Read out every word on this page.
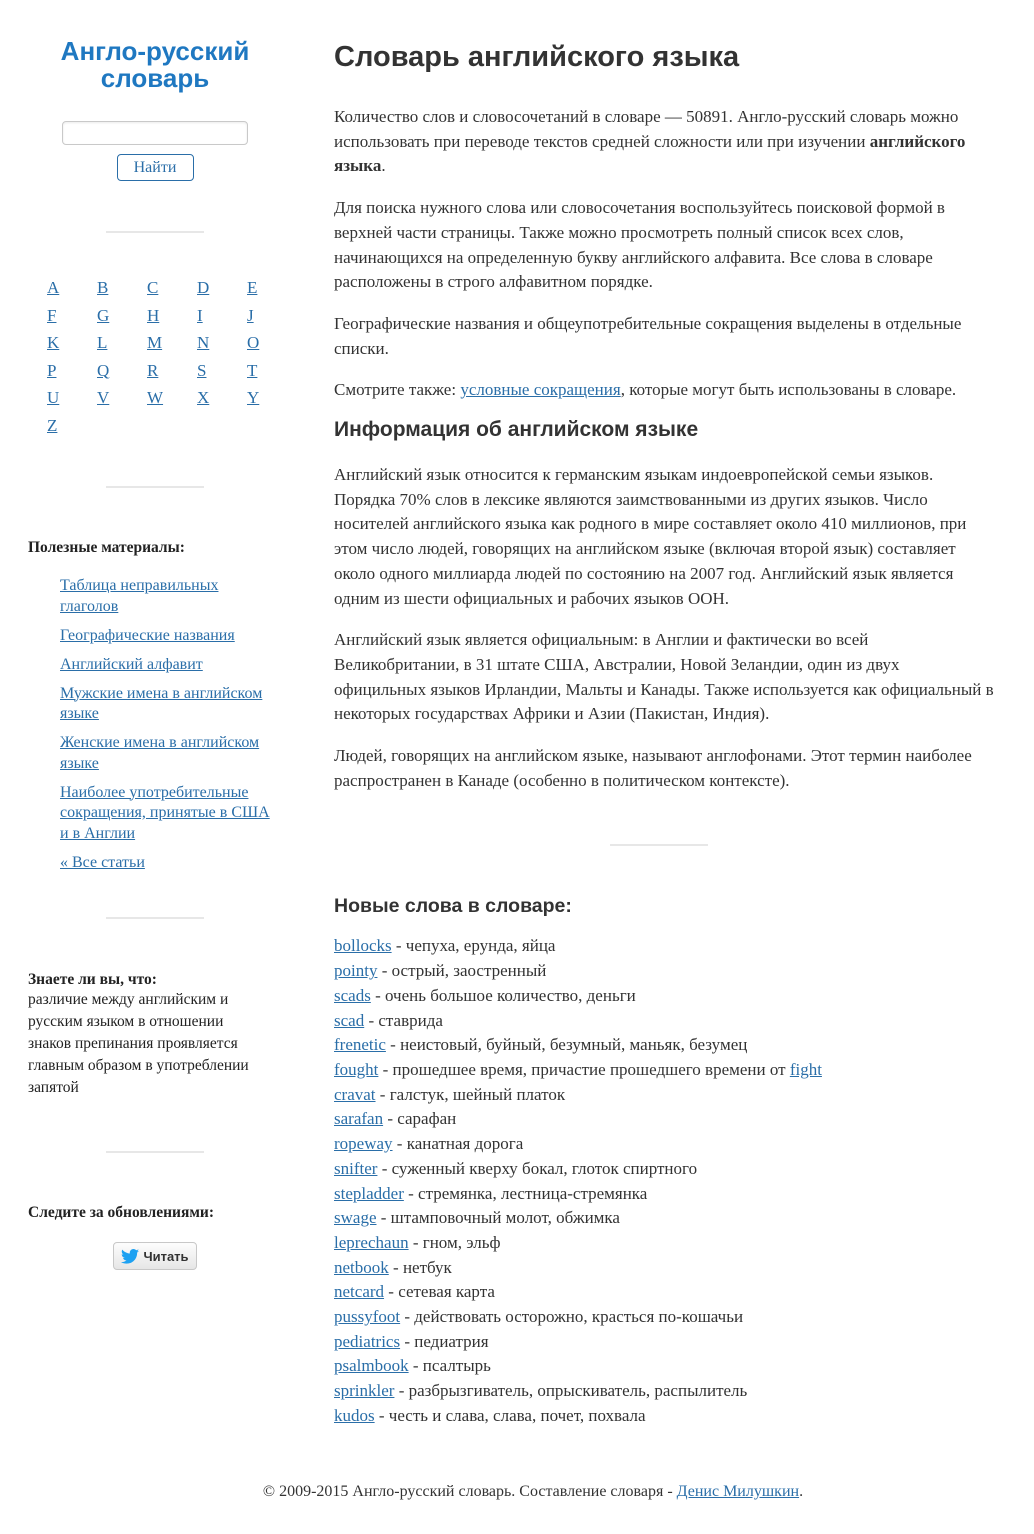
Англо-русский словарь
Найти
A	B	C	D	E
F	G	H	I	J
K	L	M	N	O
P	Q	R	S	T
U	V	W	X	Y
Z
Полезные материалы:
Таблица неправильных глаголов
Географические названия
Английский алфавит
Мужские имена в английском языке
Женские имена в английском языке
Наиболее употребительные сокращения, принятые в США и в Англии
« Все статьи
Знаете ли вы, что:

различие между английским и русским языком в отношении знаков препинания проявляется главным образом в употреблении запятой

Следите за обновлениями:
Читать
Словарь английского языка

Количество слов и словосочетаний в словаре — 50891. Англо-русский словарь можно использовать при переводе текстов средней сложности или при изучении английского языка.

Для поиска нужного слова или словосочетания воспользуйтесь поисковой формой в верхней части страницы. Также можно просмотреть полный список всех слов, начинающихся на определенную букву английского алфавита. Все слова в словаре расположены в строго алфавитном порядке.

Географические названия и общеупотребительные сокращения выделены в отдельные списки.

Смотрите также: условные сокращения, которые могут быть использованы в словаре.

Информация об английском языке

Английский язык относится к германским языкам индоевропейской семьи языков. Порядка 70% слов в лексике являются заимствованными из других языков. Число носителей английского языка как родного в мире составляет около 410 миллионов, при этом число людей, говорящих на английском языке (включая второй язык) составляет около одного миллиарда людей по состоянию на 2007 год. Английский язык является одним из шести официальных и рабочих языков ООН.

Английский язык является официальным: в Англии и фактически во всей Великобритании, в 31 штате США, Австралии, Новой Зеландии, один из двух официльных языков Ирландии, Мальты и Канады. Также используется как официальный в некоторых государствах Африки и Азии (Пакистан, Индия).

Людей, говорящих на английском языке, называют англофонами. Этот термин наиболее распространен в Канаде (особенно в политическом контексте).

Новые слова в словаре:
bollocks - чепуха, ерунда, яйца
pointy - острый, заостренный
scads - очень большое количество, деньги
scad - ставрида
frenetic - неистовый, буйный, безумный, маньяк, безумец
fought - прошедшее время, причастие прошедшего времени от fight
cravat - галстук, шейный платок
sarafan - сарафан
ropeway - канатная дорога
snifter - суженный кверху бокал, глоток спиртного
stepladder - стремянка, лестница-стремянка
swage - штамповочный молот, обжимка
leprechaun - гном, эльф
netbook - нетбук
netcard - сетевая карта
pussyfoot - действовать осторожно, красться по-кошачьи
pediatrics - педиатрия
psalmbook - псалтырь
sprinkler - разбрызгиватель, опрыскиватель, распылитель
kudos - честь и слава, слава, почет, похвала
© 2009-2015 Англо-русский словарь. Составление словаря - Денис Милушкин.
